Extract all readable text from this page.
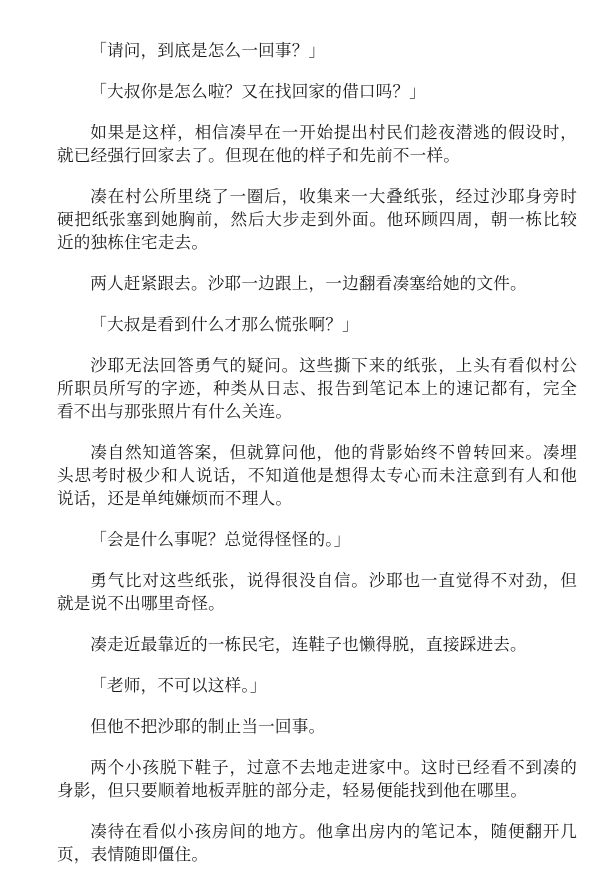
「请问，到底是怎么一回事？」

「大叔你是怎么啦？又在找回家的借口吗？」

如果是这样，相信凑早在一开始提出村民们趁夜潜逃的假设时，就已经强行回家去了。但现在他的样子和先前不一样。

凑在村公所里绕了一圈后，收集来一大叠纸张，经过沙耶身旁时硬把纸张塞到她胸前，然后大步走到外面。他环顾四周，朝一栋比较近的独栋住宅走去。

两人赶紧跟去。沙耶一边跟上，一边翻看凑塞给她的文件。

「大叔是看到什么才那么慌张啊？」

沙耶无法回答勇气的疑问。这些撕下来的纸张，上头有看似村公所职员所写的字迹，种类从日志、报告到笔记本上的速记都有，完全看不出与那张照片有什么关连。

凑自然知道答案，但就算问他，他的背影始终不曾转回来。凑埋头思考时极少和人说话，不知道他是想得太专心而未注意到有人和他说话，还是单纯嫌烦而不理人。

「会是什么事呢？总觉得怪怪的。」

勇气比对这些纸张，说得很没自信。沙耶也一直觉得不对劲，但就是说不出哪里奇怪。

凑走近最靠近的一栋民宅，连鞋子也懒得脱，直接踩进去。

「老师，不可以这样。」

但他不把沙耶的制止当一回事。

两个小孩脱下鞋子，过意不去地走进家中。这时已经看不到凑的身影，但只要顺着地板弄脏的部分走，轻易便能找到他在哪里。

凑待在看似小孩房间的地方。他拿出房内的笔记本，随便翻开几页，表情随即僵住。
